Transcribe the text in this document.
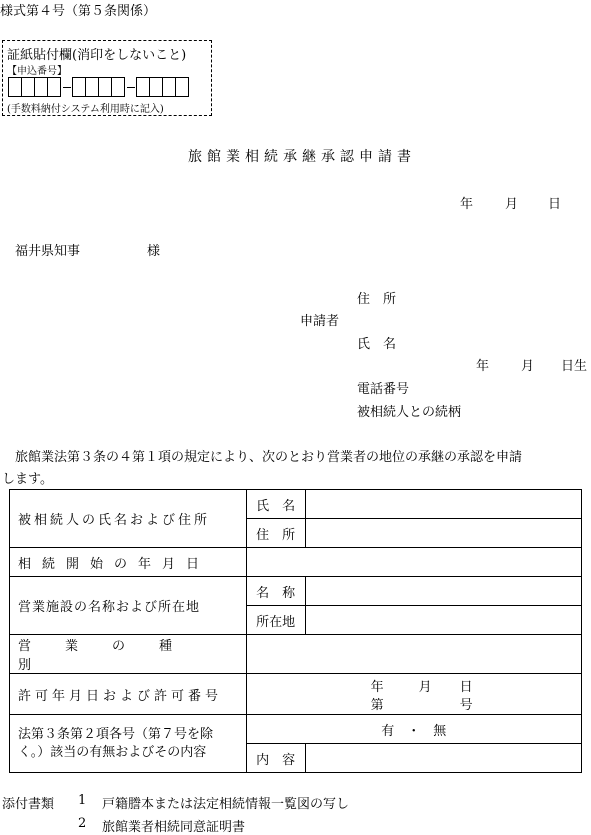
様式第４号（第５条関係）
証紙貼付欄(消印をしないこと)
【申込番号】
(手数料納付システム利用時に記入)
旅館業相続承継承認申請書
年 月 日
福井県知事	様
住　所
申請者
氏　名
年 月 日生
電話番号
被相続人との続柄
旅館業法第３条の４第１項の規定により、次のとおり営業者の地位の承継の承認を申請
します。
被相続人の氏名および住所	氏　名	
	住　所	
相続開始の年月日		
営業施設の名称および所在地	名　称	
	所在地	
営業の種別		
許可年月日および許可番号	年 月 日
第 号	

法第３条第２項各号（第７号を除
く。）該当の有無およびその内容	有　・　無	
	内　容	
添付書類 1 戸籍謄本または法定相続情報一覧図の写し
2 旅館業者相続同意証明書
